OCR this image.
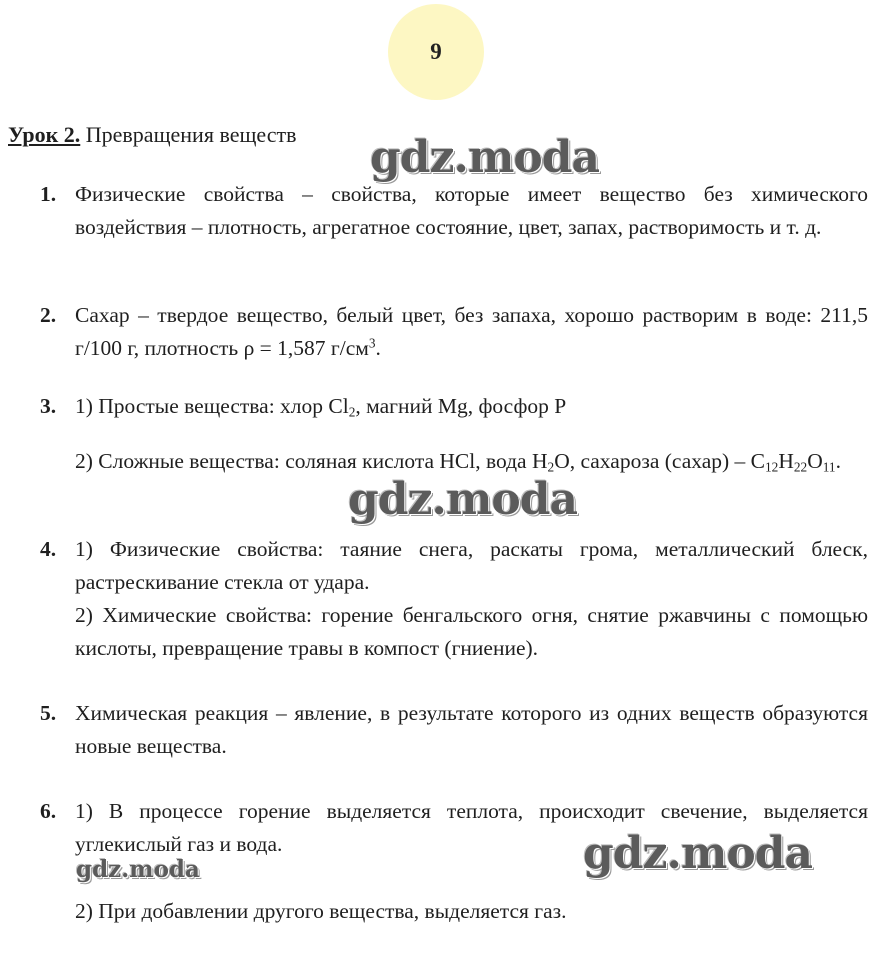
9
Урок 2. Превращения веществ
1. Физические свойства – свойства, которые имеет вещество без химического воздействия – плотность, агрегатное состояние, цвет, запах, растворимость и т. д.

2. Сахар – твердое вещество, белый цвет, без запаха, хорошо растворим в воде: 211,5 г/100 г, плотность ρ = 1,587 $г/см^3$.

3. 1) Простые вещества: хлор $Cl_2$, магний Mg, фосфор P

2) Сложные вещества: соляная кислота HCl, вода $H_2O$, сахароза (сахар) – $C_{12}H_{22}O_{11}$.

4. 1) Физические свойства: таяние снега, раскаты грома, металлический блеск, растрескивание стекла от удара.

2) Химические свойства: горение бенгальского огня, снятие ржавчины с помощью кислоты, превращение травы в компост (гниение).

5. Химическая реакция – явление, в результате которого из одних веществ образуются новые вещества.

6. 1) В процессе горение выделяется теплота, происходит свечение, выделяется углекислый газ и вода.

2) При добавлении другого вещества, выделяется газ.

gdz.moda
gdz.moda
gdz.moda
gdz.moda
